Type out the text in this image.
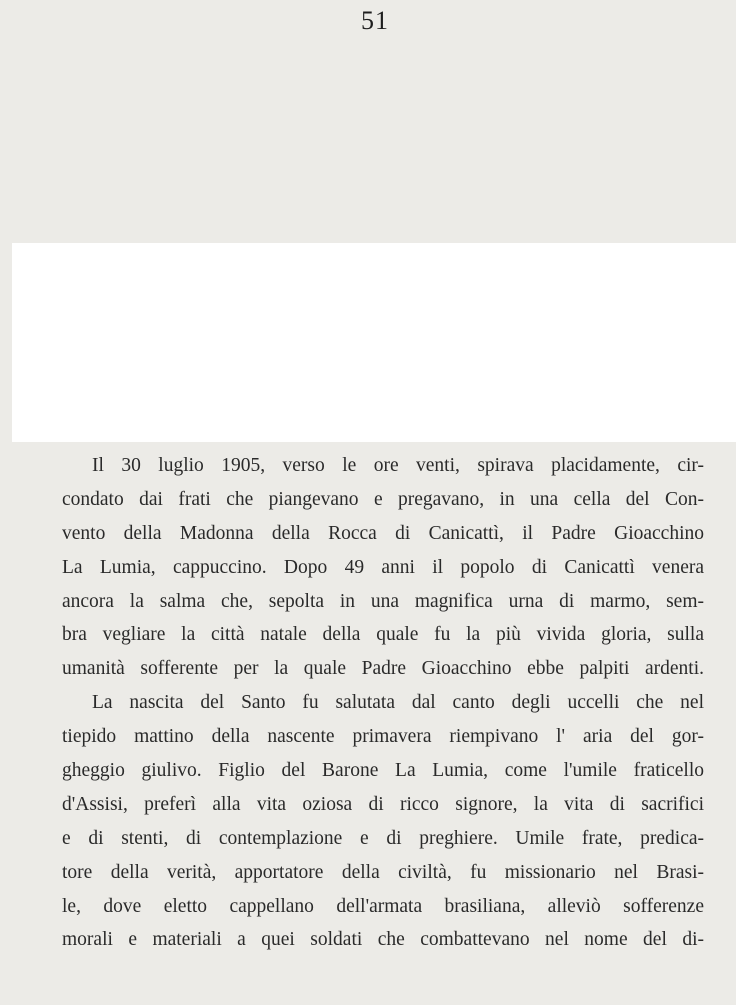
51
Il 30 luglio 1905, verso le ore venti, spirava placidamente, cir-
condato dai frati che piangevano e pregavano, in una cella del Con-
vento della Madonna della Rocca di Canicattì, il Padre Gioacchino
La Lumia, cappuccino. Dopo 49 anni il popolo di Canicattì venera
ancora la salma che, sepolta in una magnifica urna di marmo, sem-
bra vegliare la città natale della quale fu la più vivida gloria, sulla
umanità sofferente per la quale Padre Gioacchino ebbe palpiti ardenti.
La nascita del Santo fu salutata dal canto degli uccelli che nel
tiepido mattino della nascente primavera riempivano l' aria del gor-
gheggio giulivo. Figlio del Barone La Lumia, come l'umile fraticello
d'Assisi, preferì alla vita oziosa di ricco signore, la vita di sacrifici
e di stenti, di contemplazione e di preghiere. Umile frate, predica-
tore della verità, apportatore della civiltà, fu missionario nel Brasi-
le, dove eletto cappellano dell'armata brasiliana, alleviò sofferenze
morali e materiali a quei soldati che combattevano nel nome del di-
